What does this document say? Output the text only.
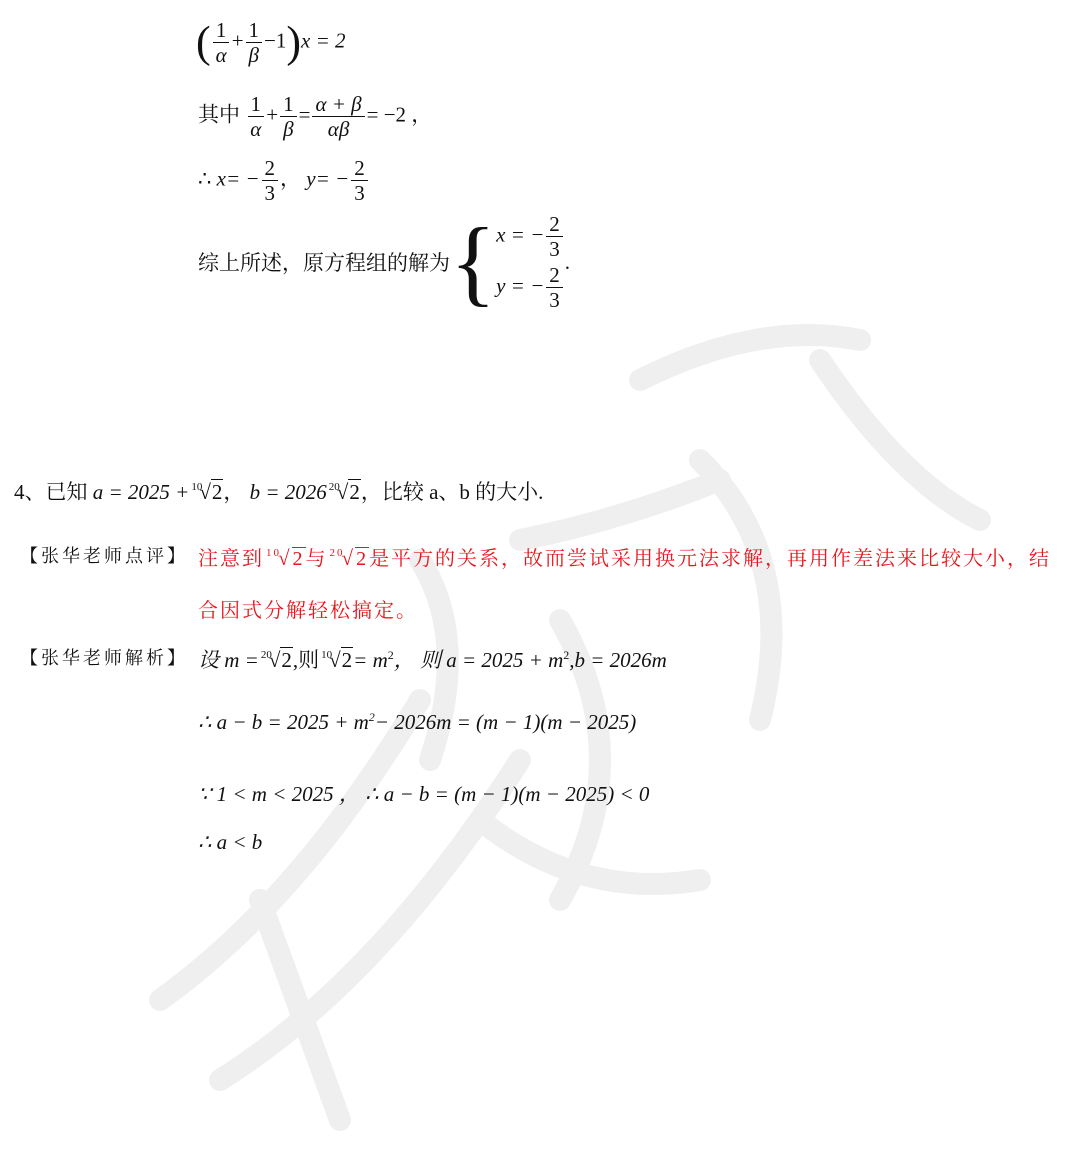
( $\frac{1}{\alpha} + \frac{1}{\beta} -1)x = 2$
其中 $\frac{1}{\alpha} + \frac{1}{\beta} = \frac{\alpha + \beta}{\alpha\beta} = -2$ ，
∴ $x= - \frac{2}{3}$ ， $y= - \frac{2}{3}$
综上所述，原方程组的解为 { x = − $\frac{2}{3}$
y = − $\frac{2}{3}$
.
4、已知 a = 2025 + $^{10}$√2， b = 2026 $^{20}$√2，比较 a、b 的大小.
【张华老师点评】 注意到 $^{10}$√2与 $^{20}$√2是平方的关系，故而尝试采用换元法求解，再用作差法来比较大小，结
合因式分解轻松搞定。
【张华老师解析】 设 m = $^{20}$√2,则 $^{10}√2= m^2$， 则 $a = 2025 + m^2,b = 2026m$
∴ $a - b = 2025 + m^2- 2026m = (m - 1)(m - 2025)$
∵ 1 < m < 2025 ， ∴ a − b = (m − 1)(m − 2025) < 0
∴ a < b
